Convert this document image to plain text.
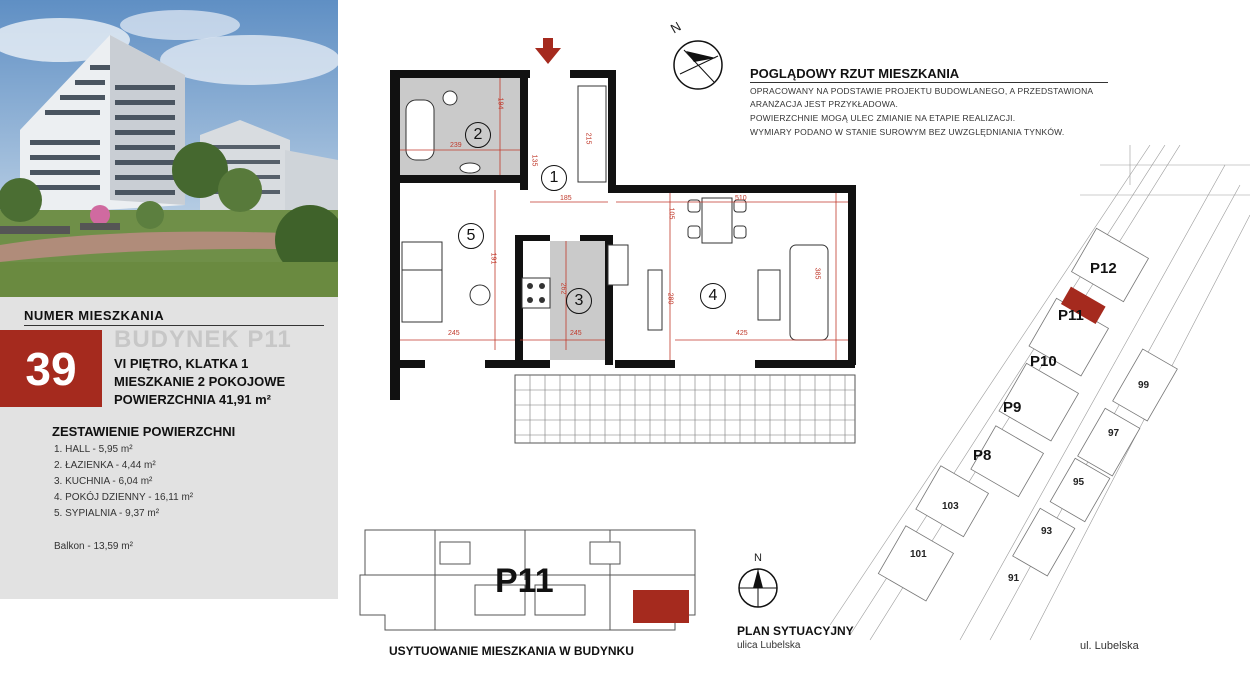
NUMER MIESZKANIA
39
BUDYNEK P11
VI PIĘTRO, KLATKA 1
MIESZKANIE 2 POKOJOWE
POWIERZCHNIA 41,91 m²
ZESTAWIENIE POWIERZCHNI
1. HALL - 5,95 m²
2. ŁAZIENKA - 4,44 m²
3. KUCHNIA - 6,04 m²
4. POKÓJ DZIENNY - 16,11 m²
5. SYPIALNIA - 9,37 m²
Balkon - 13,59 m²
2
1
5
3	4
239
194
215
135
185	510
105
191
262
280
385
245	245	425
N
POGLĄDOWY RZUT MIESZKANIA
OPRACOWANY NA PODSTAWIE PROJEKTU BUDOWLANEGO, A PRZEDSTAWIONA
ARANŻACJA JEST PRZYKŁADOWA.
POWIERZCHNIE MOGĄ ULEC ZMIANIE NA ETAPIE REALIZACJI.
WYMIARY PODANO W STANIE SUROWYM BEZ UWZGLĘDNIANIA TYNKÓW.
P12
P11
P10
P9
P8
99
97
95
93
91
103
101
ul. Lubelska
P11
USYTUOWANIE MIESZKANIA W BUDYNKU
N
PLAN SYTUACYJNY
ulica Lubelska
